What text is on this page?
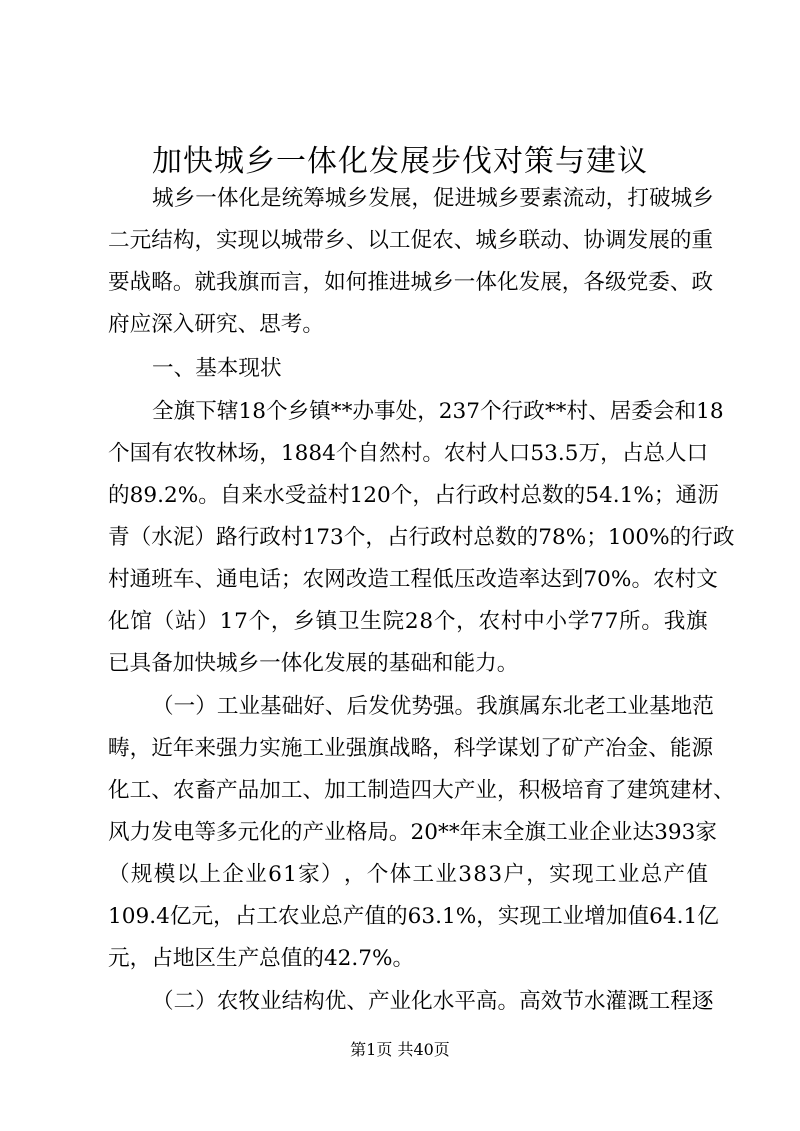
加快城乡一体化发展步伐对策与建议
城 乡 一 体 化 是 统 筹 城 乡 发 展 ， 促 进 城 乡 要 素 流 动 ， 打 破 城 乡
二 元 结 构 ， 实 现 以 城 带 乡 、 以 工 促 农 、 城 乡 联 动 、 协 调 发 展 的 重
要 战 略 。 就 我 旗 而 言 ， 如 何 推 进 城 乡 一 体 化 发 展 ， 各 级 党 委 、 政
府应深入研究、思考。
一、基本现状
全 旗 下 辖 1 8 个 乡 镇 * * 办 事 处 ， 2 3 7 个 行 政 * * 村 、 居 委 会 和 1 8
个 国 有 农 牧 林 场 ， 1 8 8 4 个 自 然 村 。 农 村 人 口 5 3 . 5 万 ， 占 总 人 口
的 8 9 . 2 % 。 自 来 水 受 益 村 1 2 0 个 ， 占 行 政 村 总 数 的 5 4 . 1 % ； 通 沥
青 （ 水 泥 ） 路 行 政 村 1 7 3 个 ， 占 行 政 村 总 数 的 7 8 % ； 1 0 0 % 的 行 政
村 通 班 车 、 通 电 话 ； 农 网 改 造 工 程 低 压 改 造 率 达 到 7 0 % 。 农 村 文
化 馆 （ 站 ） 1 7 个 ， 乡 镇 卫 生 院 2 8 个 ， 农 村 中 小 学 7 7 所 。 我 旗
已具备加快城乡一体化发展的基础和能力。
（ 一 ） 工 业 基 础 好 、 后 发 优 势 强 。 我 旗 属 东 北 老 工 业 基 地 范
畴 ， 近 年 来 强 力 实 施 工 业 强 旗 战 略 ， 科 学 谋 划 了 矿 产 冶 金 、 能 源
化 工 、 农 畜 产 品 加 工 、 加 工 制 造 四 大 产 业 ， 积 极 培 育 了 建 筑 建 材 、
风 力 发 电 等 多 元 化 的 产 业 格 局 。 2 0 * * 年 末 全 旗 工 业 企 业 达 3 9 3 家
（ 规 模 以 上 企 业 6 1 家 ） ， 个 体 工 业 3 8 3 户 ， 实 现 工 业 总 产 值
1 0 9 . 4 亿 元 ， 占 工 农 业 总 产 值 的 6 3 . 1 % ， 实 现 工 业 增 加 值 6 4 . 1 亿
元，占地区生产总值的42.7%。
（二）农牧业结构优、产业化水平高。高效节水灌溉工程逐
第1页 共40页
